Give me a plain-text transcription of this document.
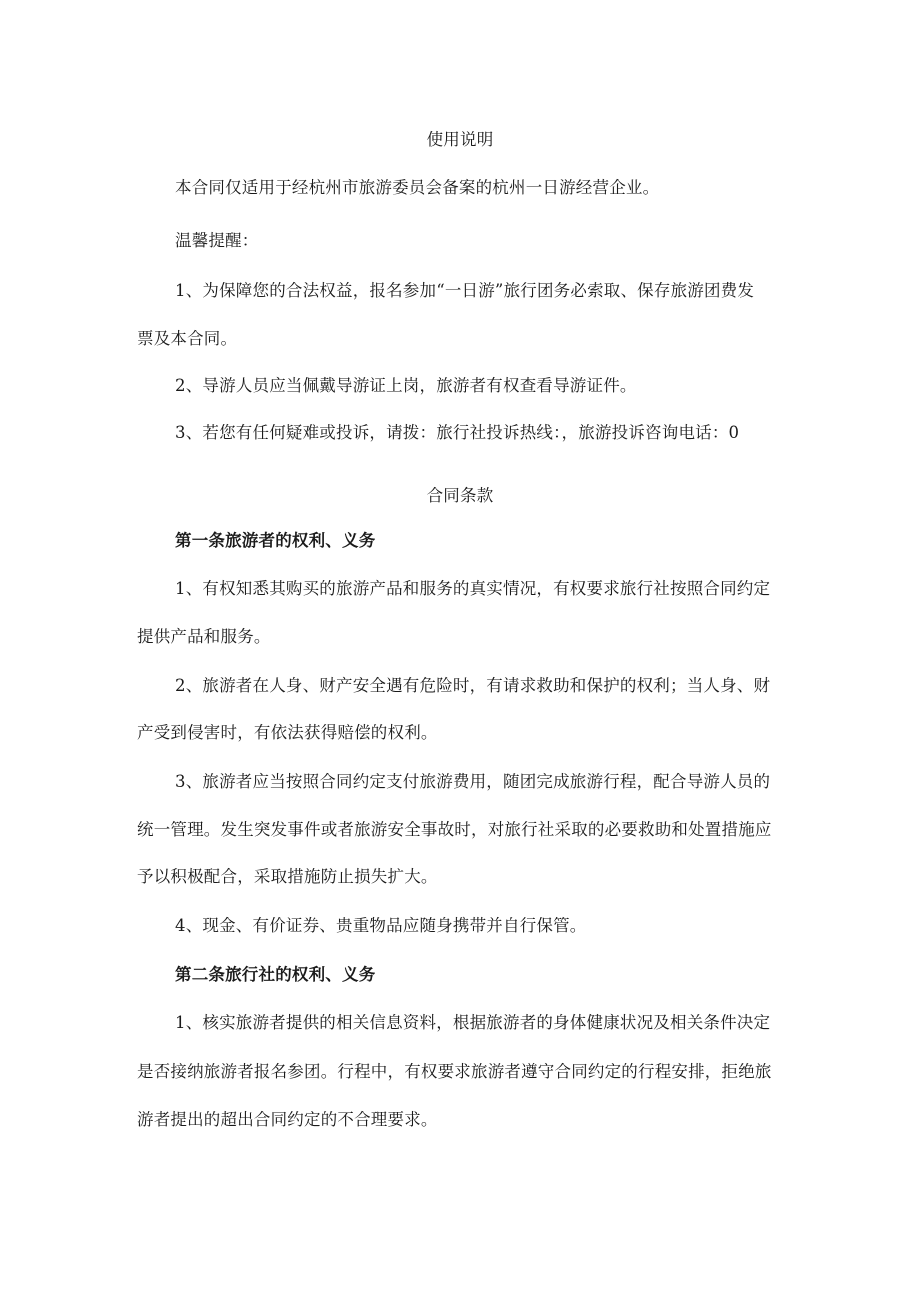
使用说明
本合同仅适用于经杭州市旅游委员会备案的杭州一日游经营企业。
温馨提醒：
1、为保障您的合法权益，报名参加“一日游”旅行团务必索取、保存旅游团费发
票及本合同。
2、导游人员应当佩戴导游证上岗，旅游者有权查看导游证件。
3、若您有任何疑难或投诉，请拨：旅行社投诉热线：，旅游投诉咨询电话：0
合同条款
第一条旅游者的权利、义务
1、有权知悉其购买的旅游产品和服务的真实情况，有权要求旅行社按照合同约定
提供产品和服务。
2、旅游者在人身、财产安全遇有危险时，有请求救助和保护的权利；当人身、财
产受到侵害时，有依法获得赔偿的权利。
3、旅游者应当按照合同约定支付旅游费用，随团完成旅游行程，配合导游人员的
统一管理。发生突发事件或者旅游安全事故时，对旅行社采取的必要救助和处置措施应
予以积极配合，采取措施防止损失扩大。
4、现金、有价证券、贵重物品应随身携带并自行保管。
第二条旅行社的权利、义务
1、核实旅游者提供的相关信息资料，根据旅游者的身体健康状况及相关条件决定
是否接纳旅游者报名参团。行程中，有权要求旅游者遵守合同约定的行程安排，拒绝旅
游者提出的超出合同约定的不合理要求。
